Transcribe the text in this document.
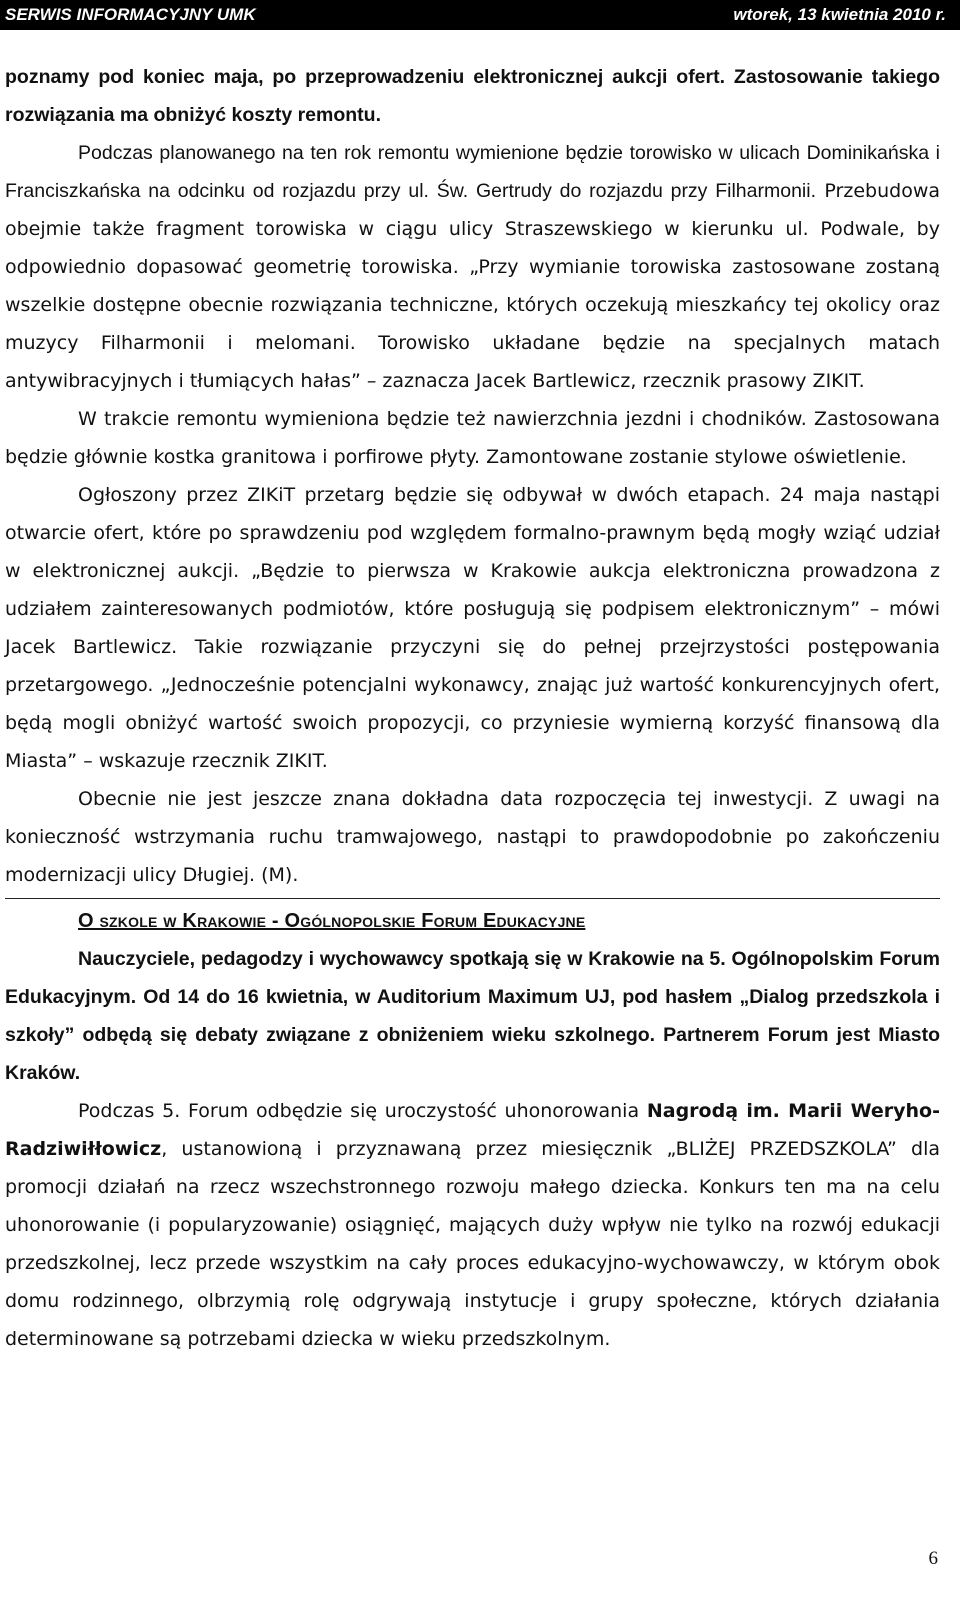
SERWIS INFORMACYJNY UMK	wtorek, 13 kwietnia 2010 r.

poznamy pod koniec maja, po przeprowadzeniu elektronicznej aukcji ofert. Zastosowanie takiego rozwiązania ma obniżyć koszty remontu.

Podczas planowanego na ten rok remontu wymienione będzie torowisko w ulicach Dominikańska i Franciszkańska na odcinku od rozjazdu przy ul. Św. Gertrudy do rozjazdu przy Filharmonii. Przebudowa obejmie także fragment torowiska w ciągu ulicy Straszewskiego w kierunku ul. Podwale, by odpowiednio dopasować geometrię torowiska. „Przy wymianie torowiska zastosowane zostaną wszelkie dostępne obecnie rozwiązania techniczne, których oczekują mieszkańcy tej okolicy oraz muzycy Filharmonii i melomani. Torowisko układane będzie na specjalnych matach antywibracyjnych i tłumiących hałas” – zaznacza Jacek Bartlewicz, rzecznik prasowy ZIKIT.

W trakcie remontu wymieniona będzie też nawierzchnia jezdni i chodników. Zastosowana będzie głównie kostka granitowa i porfirowe płyty. Zamontowane zostanie stylowe oświetlenie.

Ogłoszony przez ZIKiT przetarg będzie się odbywał w dwóch etapach. 24 maja nastąpi otwarcie ofert, które po sprawdzeniu pod względem formalno-prawnym będą mogły wziąć udział w elektronicznej aukcji. „Będzie to pierwsza w Krakowie aukcja elektroniczna prowadzona z udziałem zainteresowanych podmiotów, które posługują się podpisem elektronicznym” – mówi Jacek Bartlewicz. Takie rozwiązanie przyczyni się do pełnej przejrzystości postępowania przetargowego. „Jednocześnie potencjalni wykonawcy, znając już wartość konkurencyjnych ofert, będą mogli obniżyć wartość swoich propozycji, co przyniesie wymierną korzyść finansową dla Miasta” – wskazuje rzecznik ZIKIT.

Obecnie nie jest jeszcze znana dokładna data rozpoczęcia tej inwestycji. Z uwagi na konieczność wstrzymania ruchu tramwajowego, nastąpi to prawdopodobnie po zakończeniu modernizacji ulicy Długiej. (M).

O szkole w Krakowie - Ogólnopolskie Forum Edukacyjne

Nauczyciele, pedagodzy i wychowawcy spotkają się w Krakowie na 5. Ogólnopolskim Forum Edukacyjnym. Od 14 do 16 kwietnia, w Auditorium Maximum UJ, pod hasłem „Dialog przedszkola i szkoły” odbędą się debaty związane z obniżeniem wieku szkolnego. Partnerem Forum jest Miasto Kraków.

Podczas 5. Forum odbędzie się uroczystość uhonorowania Nagrodą im. Marii Weryho-Radziwiłłowicz, ustanowioną i przyznawaną przez miesięcznik „BLIŻEJ PRZEDSZKOLA” dla promocji działań na rzecz wszechstronnego rozwoju małego dziecka. Konkurs ten ma na celu uhonorowanie (i popularyzowanie) osiągnięć, mających duży wpływ nie tylko na rozwój edukacji przedszkolnej, lecz przede wszystkim na cały proces edukacyjno-wychowawczy, w którym obok domu rodzinnego, olbrzymią rolę odgrywają instytucje i grupy społeczne, których działania determinowane są potrzebami dziecka w wieku przedszkolnym.

6
